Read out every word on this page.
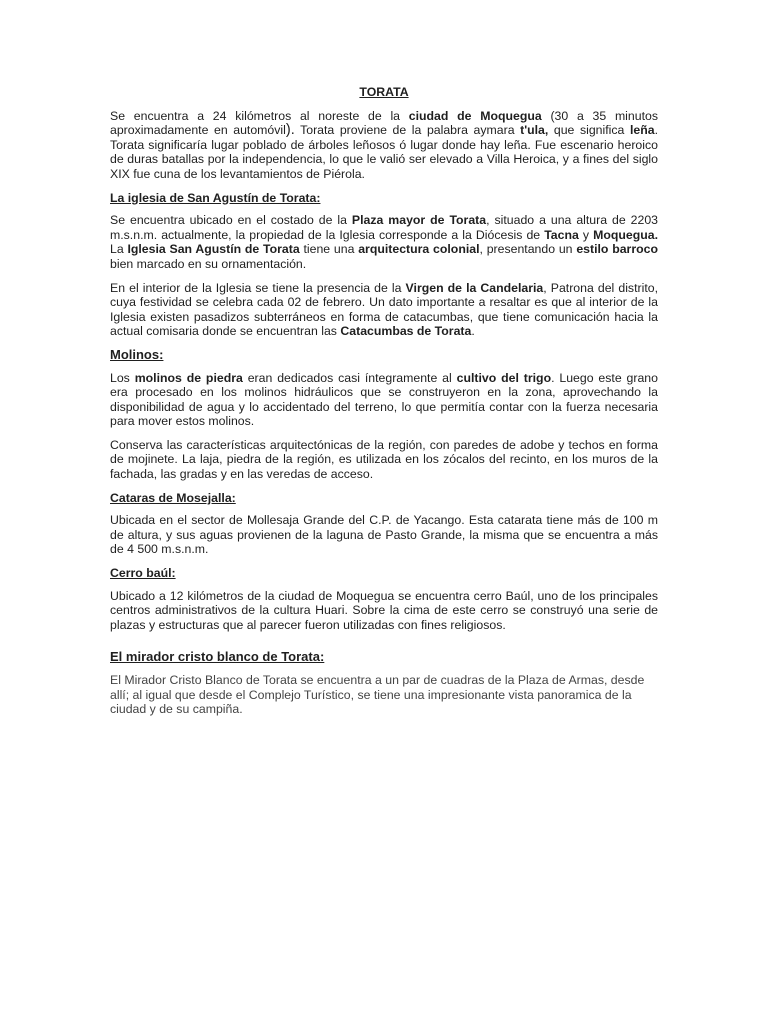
TORATA

Se encuentra a 24 kilómetros al noreste de la ciudad de Moquegua (30 a 35 minutos aproximadamente en automóvil). Torata proviene de la palabra aymara t'ula, que significa leña. Torata significaría lugar poblado de árboles leñosos ó lugar donde hay leña. Fue escenario heroico de duras batallas por la independencia, lo que le valió ser elevado a Villa Heroica, y a fines del siglo XIX fue cuna de los levantamientos de Piérola.

La iglesia de San Agustín de Torata:

Se encuentra ubicado en el costado de la Plaza mayor de Torata, situado a una altura de 2203 m.s.n.m. actualmente, la propiedad de la Iglesia corresponde a la Diócesis de Tacna y Moquegua. La Iglesia San Agustín de Torata tiene una arquitectura colonial, presentando un estilo barroco bien marcado en su ornamentación.

En el interior de la Iglesia se tiene la presencia de la Virgen de la Candelaria, Patrona del distrito, cuya festividad se celebra cada 02 de febrero. Un dato importante a resaltar es que al interior de la Iglesia existen pasadizos subterráneos en forma de catacumbas, que tiene comunicación hacia la actual comisaria donde se encuentran las Catacumbas de Torata.

Molinos:

Los molinos de piedra eran dedicados casi íntegramente al cultivo del trigo. Luego este grano era procesado en los molinos hidráulicos que se construyeron en la zona, aprovechando la disponibilidad de agua y lo accidentado del terreno, lo que permitía contar con la fuerza necesaria para mover estos molinos.

Conserva las características arquitectónicas de la región, con paredes de adobe y techos en forma de mojinete. La laja, piedra de la región, es utilizada en los zócalos del recinto, en los muros de la fachada, las gradas y en las veredas de acceso.

Cataras de Mosejalla:

Ubicada en el sector de Mollesaja Grande del C.P. de Yacango. Esta catarata tiene más de 100 m de altura, y sus aguas provienen de la laguna de Pasto Grande, la misma que se encuentra a más de 4 500 m.s.n.m.

Cerro baúl:

Ubicado a 12 kilómetros de la ciudad de Moquegua se encuentra cerro Baúl, uno de los principales centros administrativos de la cultura Huari. Sobre la cima de este cerro se construyó una serie de plazas y estructuras que al parecer fueron utilizadas con fines religiosos.

El mirador cristo blanco de Torata:

El Mirador Cristo Blanco de Torata se encuentra a un par de cuadras de la Plaza de Armas, desde allí; al igual que desde el Complejo Turístico, se tiene una impresionante vista panoramica de la ciudad y de su campiña.
